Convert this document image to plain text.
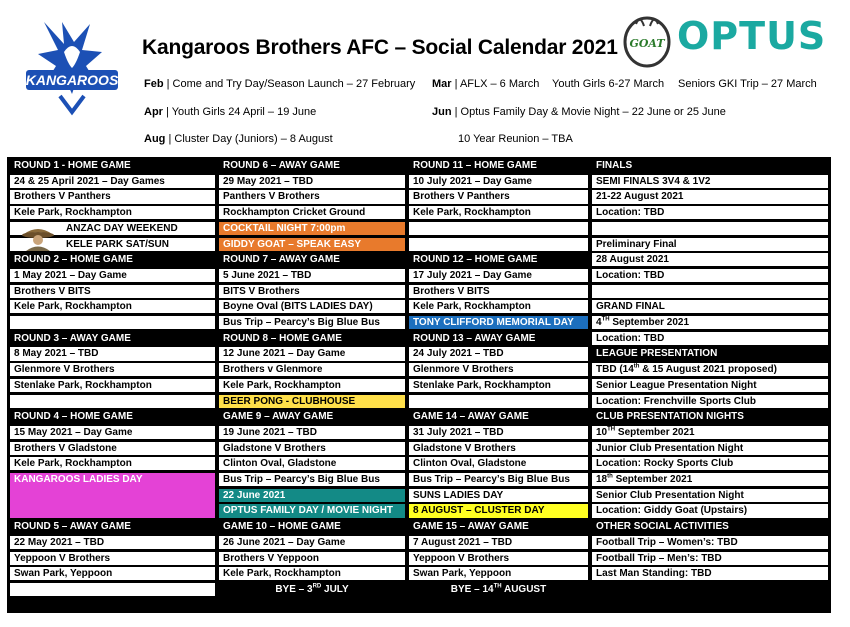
KANGAROOS
Kangaroos Brothers AFC – Social Calendar 2021 GOAT OPTUS
Feb | Come and Try Day/Season Launch – 27 February Mar | AFLX – 6 March Youth Girls 6-27 March Seniors GKI Trip – 27 March
Apr | Youth Girls 24 April – 19 June	Jun | Optus Family Day & Movie Night – 22 June or 25 June
Aug | Cluster Day (Juniors) – 8 August	10 Year Reunion – TBA
ROUND 1 - HOME GAME
24 & 25 April 2021 – Day Games
Brothers V Panthers
Kele Park, Rockhampton
ANZAC DAY WEEKEND
KELE PARK SAT/SUN
ROUND 2 – HOME GAME
1 May 2021 – Day Game
Brothers V BITS
Kele Park, Rockhampton
ROUND 3 – AWAY GAME
8 May 2021 – TBD
Glenmore V Brothers
Stenlake Park, Rockhampton
ROUND 4 – HOME GAME
15 May 2021 – Day Game
Brothers V Gladstone
Kele Park, Rockhampton
KANGAROOS LADIES DAY
ROUND 5 – AWAY GAME
22 May 2021 – TBD
Yeppoon V Brothers
Swan Park, Yeppoon
ROUND 6 – AWAY GAME
29 May 2021 – TBD
Panthers V Brothers
Rockhampton Cricket Ground
COCKTAIL NIGHT 7:00pm
GIDDY GOAT – SPEAK EASY
ROUND 7 – AWAY GAME
5 June 2021 – TBD
BITS V Brothers
Boyne Oval (BITS LADIES DAY)
Bus Trip – Pearcy’s Big Blue Bus
ROUND 8 – HOME GAME
12 June 2021 – Day Game
Brothers v Glenmore
Kele Park, Rockhampton
BEER PONG - CLUBHOUSE
GAME 9 – AWAY GAME
19 June 2021 – TBD
Gladstone V Brothers
Clinton Oval, Gladstone
Bus Trip – Pearcy’s Big Blue Bus
22 June 2021
OPTUS FAMILY DAY / MOVIE NIGHT
GAME 10 – HOME GAME
26 June 2021 – Day Game
Brothers V Yeppoon
Kele Park, Rockhampton
BYE – 3RD JULY
ROUND 11 – HOME GAME
10 July 2021 – Day Game
Brothers V Panthers
Kele Park, Rockhampton
ROUND 12 – HOME GAME
17 July 2021 – Day Game
Brothers V BITS
Kele Park, Rockhampton
TONY CLIFFORD MEMORIAL DAY
ROUND 13 – AWAY GAME
24 July 2021 – TBD
Glenmore V Brothers
Stenlake Park, Rockhampton
GAME 14 – AWAY GAME
31 July 2021 – TBD
Gladstone V Brothers
Clinton Oval, Gladstone
Bus Trip – Pearcy’s Big Blue Bus
SUNS LADIES DAY
8 AUGUST – CLUSTER DAY
GAME 15 – AWAY GAME
7 August 2021 – TBD
Yeppoon V Brothers
Swan Park, Yeppoon
BYE – 14TH AUGUST
FINALS
SEMI FINALS 3V4 & 1V2
21-22 August 2021
Location: TBD
Preliminary Final
28 August 2021
Location: TBD
GRAND FINAL
4TH September 2021
Location: TBD
LEAGUE PRESENTATION
TBD (14th & 15 August 2021 proposed)
Senior League Presentation Night
Location: Frenchville Sports Club
CLUB PRESENTATION NIGHTS
10TH September 2021
Junior Club Presentation Night
Location: Rocky Sports Club
18th September 2021
Senior Club Presentation Night
Location: Giddy Goat (Upstairs)
OTHER SOCIAL ACTIVITIES
Football Trip – Women’s: TBD
Football Trip – Men’s: TBD
Last Man Standing: TBD
